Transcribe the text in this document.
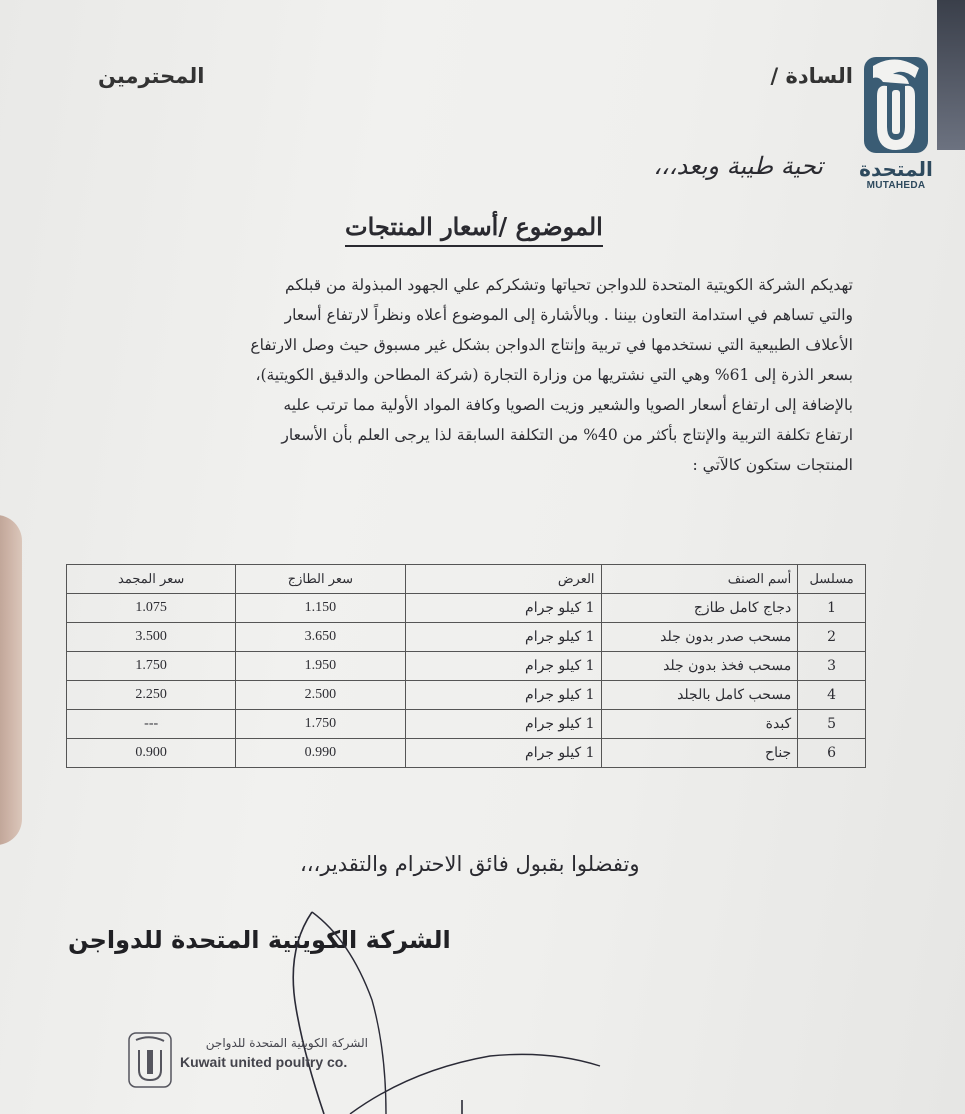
المتحدة
MUTAHEDA
السادة /
المحترمين
تحية طيبة وبعد،،،
الموضوع /أسعار المنتجات

تهديكم الشركة الكويتية المتحدة للدواجن تحياتها وتشكركم علي الجهود المبذولة من قبلكم

والتي تساهم في استدامة التعاون بيننا . وبالأشارة إلى الموضوع أعلاه ونظراً لارتفاع أسعار

الأعلاف الطبيعية التي نستخدمها في تربية وإنتاج الدواجن بشكل غير مسبوق حيث وصل الارتفاع

بسعر الذرة إلى 61% وهي التي نشتريها من وزارة التجارة (شركة المطاحن والدقيق الكويتية)،

بالإضافة إلى ارتفاع أسعار الصويا والشعير وزيت الصويا وكافة المواد الأولية مما ترتب عليه

ارتفاع تكلفة التربية والإنتاج بأكثر من 40% من التكلفة السابقة لذا يرجى العلم بأن الأسعار

المنتجات ستكون كالآتي :

مسلسل	أسم الصنف	العرض	سعر الطازج	سعر المجمد
1	دجاج كامل طازج	1 كيلو جرام	1.150	1.075
2	مسحب صدر بدون جلد	1 كيلو جرام	3.650	3.500
3	مسحب فخذ بدون جلد	1 كيلو جرام	1.950	1.750
4	مسحب كامل بالجلد	1 كيلو جرام	2.500	2.250
5	كبدة	1 كيلو جرام	1.750	---
6	جناح	1 كيلو جرام	0.990	0.900
وتفضلوا بقبول فائق الاحترام والتقدير،،،
الشركة الكويتية المتحدة للدواجن
الشركة الكويتية المتحدة للدواجن
Kuwait united poultry co.
